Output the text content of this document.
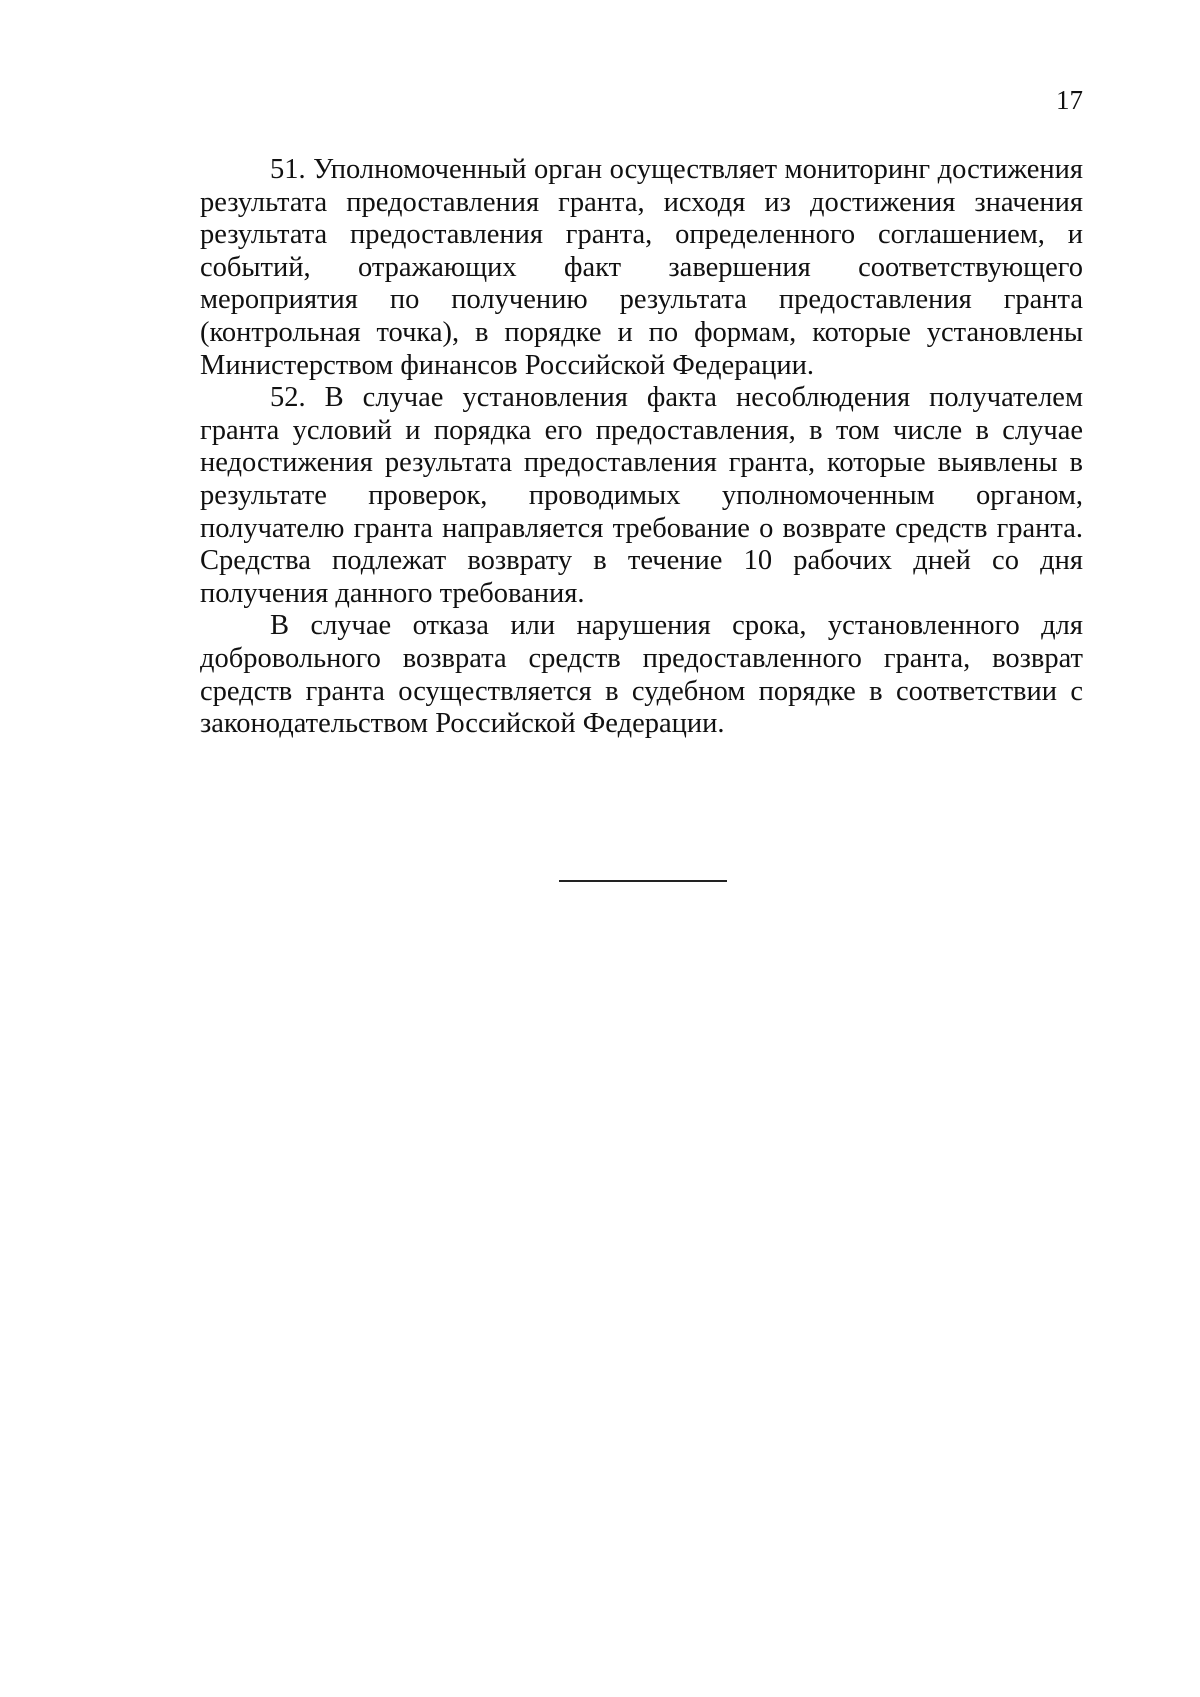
17

51. Уполномоченный орган осуществляет мониторинг достижения результата предоставления гранта, исходя из достижения значения результата предоставления гранта, определенного соглашением, и событий, отражающих факт завершения соответствующего мероприятия по получению результата предоставления гранта (контрольная точка), в порядке и по формам, которые установлены Министерством финансов Российской Федерации.

52. В случае установления факта несоблюдения получателем гранта условий и порядка его предоставления, в том числе в случае недостижения результата предоставления гранта, которые выявлены в результате проверок, проводимых уполномоченным органом, получателю гранта направляется требование о возврате средств гранта. Средства подлежат возврату в течение 10 рабочих дней со дня получения данного требования.

В случае отказа или нарушения срока, установленного для добровольного возврата средств предоставленного гранта, возврат средств гранта осуществляется в судебном порядке в соответствии с законодательством Российской Федерации.
